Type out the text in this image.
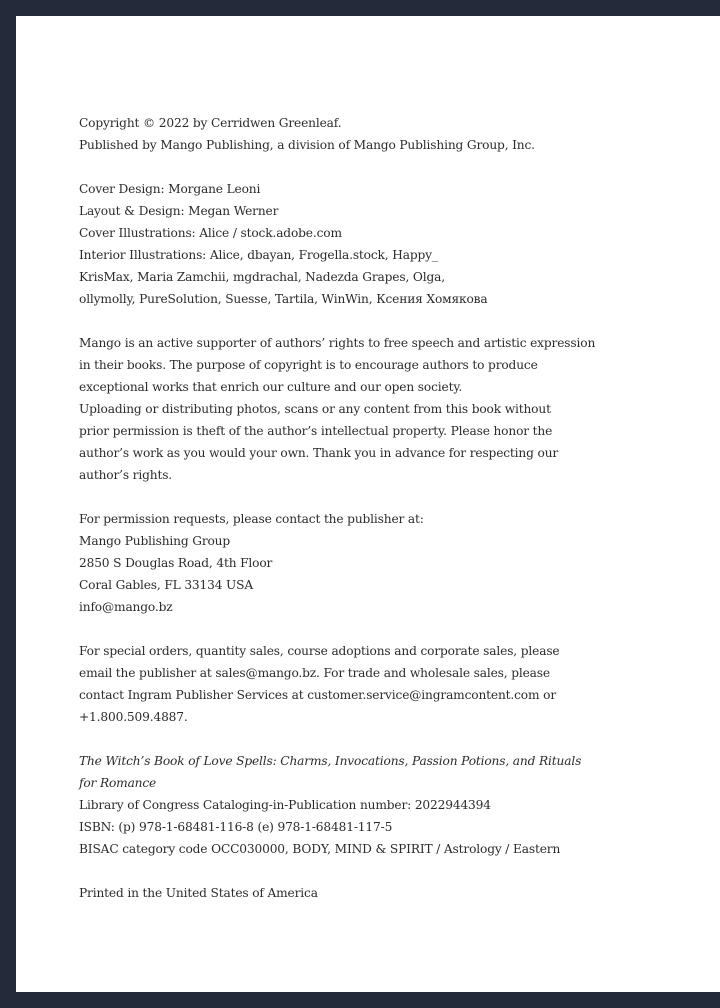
Copyright © 2022 by Cerridwen Greenleaf.
Published by Mango Publishing, a division of Mango Publishing Group, Inc.
Cover Design: Morgane Leoni
Layout & Design: Megan Werner
Cover Illustrations: Alice / stock.adobe.com
Interior Illustrations: Alice, dbayan, Frogella.stock, Happy_
KrisMax, Maria Zamchii, mgdrachal, Nadezda Grapes, Olga,
ollymolly, PureSolution, Suesse, Tartila, WinWin, Ксения Хомякова
Mango is an active supporter of authors’ rights to free speech and artistic expression
in their books. The purpose of copyright is to encourage authors to produce
exceptional works that enrich our culture and our open society.
Uploading or distributing photos, scans or any content from this book without
prior permission is theft of the author’s intellectual property. Please honor the
author’s work as you would your own. Thank you in advance for respecting our
author’s rights.
For permission requests, please contact the publisher at:
Mango Publishing Group
2850 S Douglas Road, 4th Floor
Coral Gables, FL 33134 USA
info@mango.bz
For special orders, quantity sales, course adoptions and corporate sales, please
email the publisher at sales@mango.bz. For trade and wholesale sales, please
contact Ingram Publisher Services at customer.service@ingramcontent.com or
+1.800.509.4887.
The Witch’s Book of Love Spells: Charms, Invocations, Passion Potions, and Rituals
for Romance
Library of Congress Cataloging-in-Publication number: 2022944394
ISBN: (p) 978-1-68481-116-8 (e) 978-1-68481-117-5
BISAC category code OCC030000, BODY, MIND & SPIRIT / Astrology / Eastern
Printed in the United States of America
